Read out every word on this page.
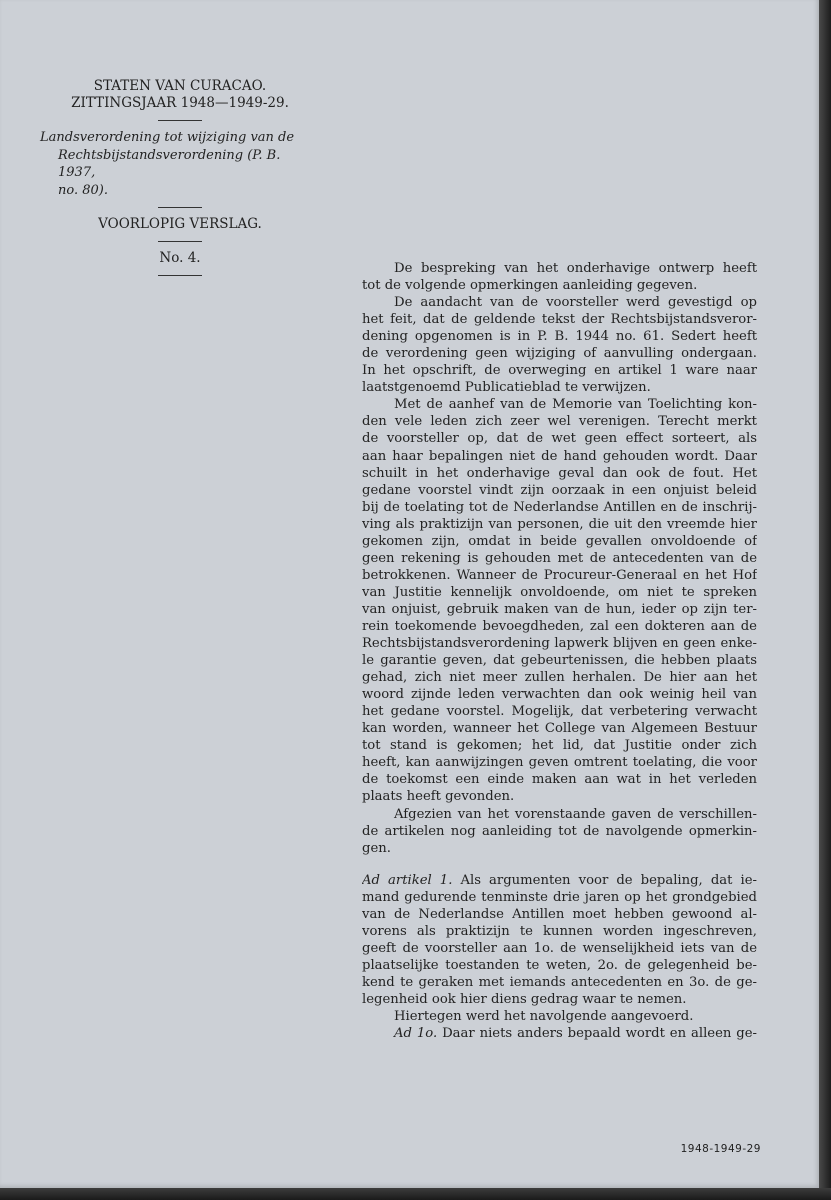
STATEN VAN CURACAO.
ZITTINGSJAAR 1948—1949-29.
Landsverordening tot wijziging van de
Rechtsbijstandsverordening (P. B. 1937,
no. 80).
VOORLOPIG VERSLAG.
No. 4.
De bespreking van het onderhavige ontwerp heeft
tot de volgende opmerkingen aanleiding gegeven.
De aandacht van de voorsteller werd gevestigd op
het feit, dat de geldende tekst der Rechtsbijstandsveror-
dening opgenomen is in P. B. 1944 no. 61. Sedert heeft
de verordening geen wijziging of aanvulling ondergaan.
In het opschrift, de overweging en artikel 1 ware naar
laatstgenoemd Publicatieblad te verwijzen.
Met de aanhef van de Memorie van Toelichting kon-
den vele leden zich zeer wel verenigen. Terecht merkt
de voorsteller op, dat de wet geen effect sorteert, als
aan haar bepalingen niet de hand gehouden wordt. Daar
schuilt in het onderhavige geval dan ook de fout. Het
gedane voorstel vindt zijn oorzaak in een onjuist beleid
bij de toelating tot de Nederlandse Antillen en de inschrij-
ving als praktizijn van personen, die uit den vreemde hier
gekomen zijn, omdat in beide gevallen onvoldoende of
geen rekening is gehouden met de antecedenten van de
betrokkenen. Wanneer de Procureur-Generaal en het Hof
van Justitie kennelijk onvoldoende, om niet te spreken
van onjuist, gebruik maken van de hun, ieder op zijn ter-
rein toekomende bevoegdheden, zal een dokteren aan de
Rechtsbijstandsverordening lapwerk blijven en geen enke-
le garantie geven, dat gebeurtenissen, die hebben plaats
gehad, zich niet meer zullen herhalen. De hier aan het
woord zijnde leden verwachten dan ook weinig heil van
het gedane voorstel. Mogelijk, dat verbetering verwacht
kan worden, wanneer het College van Algemeen Bestuur
tot stand is gekomen; het lid, dat Justitie onder zich
heeft, kan aanwijzingen geven omtrent toelating, die voor
de toekomst een einde maken aan wat in het verleden
plaats heeft gevonden.
Afgezien van het vorenstaande gaven de verschillen-
de artikelen nog aanleiding tot de navolgende opmerkin-
gen.
Ad artikel 1. Als argumenten voor de bepaling, dat ie-
mand gedurende tenminste drie jaren op het grondgebied
van de Nederlandse Antillen moet hebben gewoond al-
vorens als praktizijn te kunnen worden ingeschreven,
geeft de voorsteller aan 1o. de wenselijkheid iets van de
plaatselijke toestanden te weten, 2o. de gelegenheid be-
kend te geraken met iemands antecedenten en 3o. de ge-
legenheid ook hier diens gedrag waar te nemen.
Hiertegen werd het navolgende aangevoerd.
Ad 1o. Daar niets anders bepaald wordt en alleen ge-
1948-1949-29
